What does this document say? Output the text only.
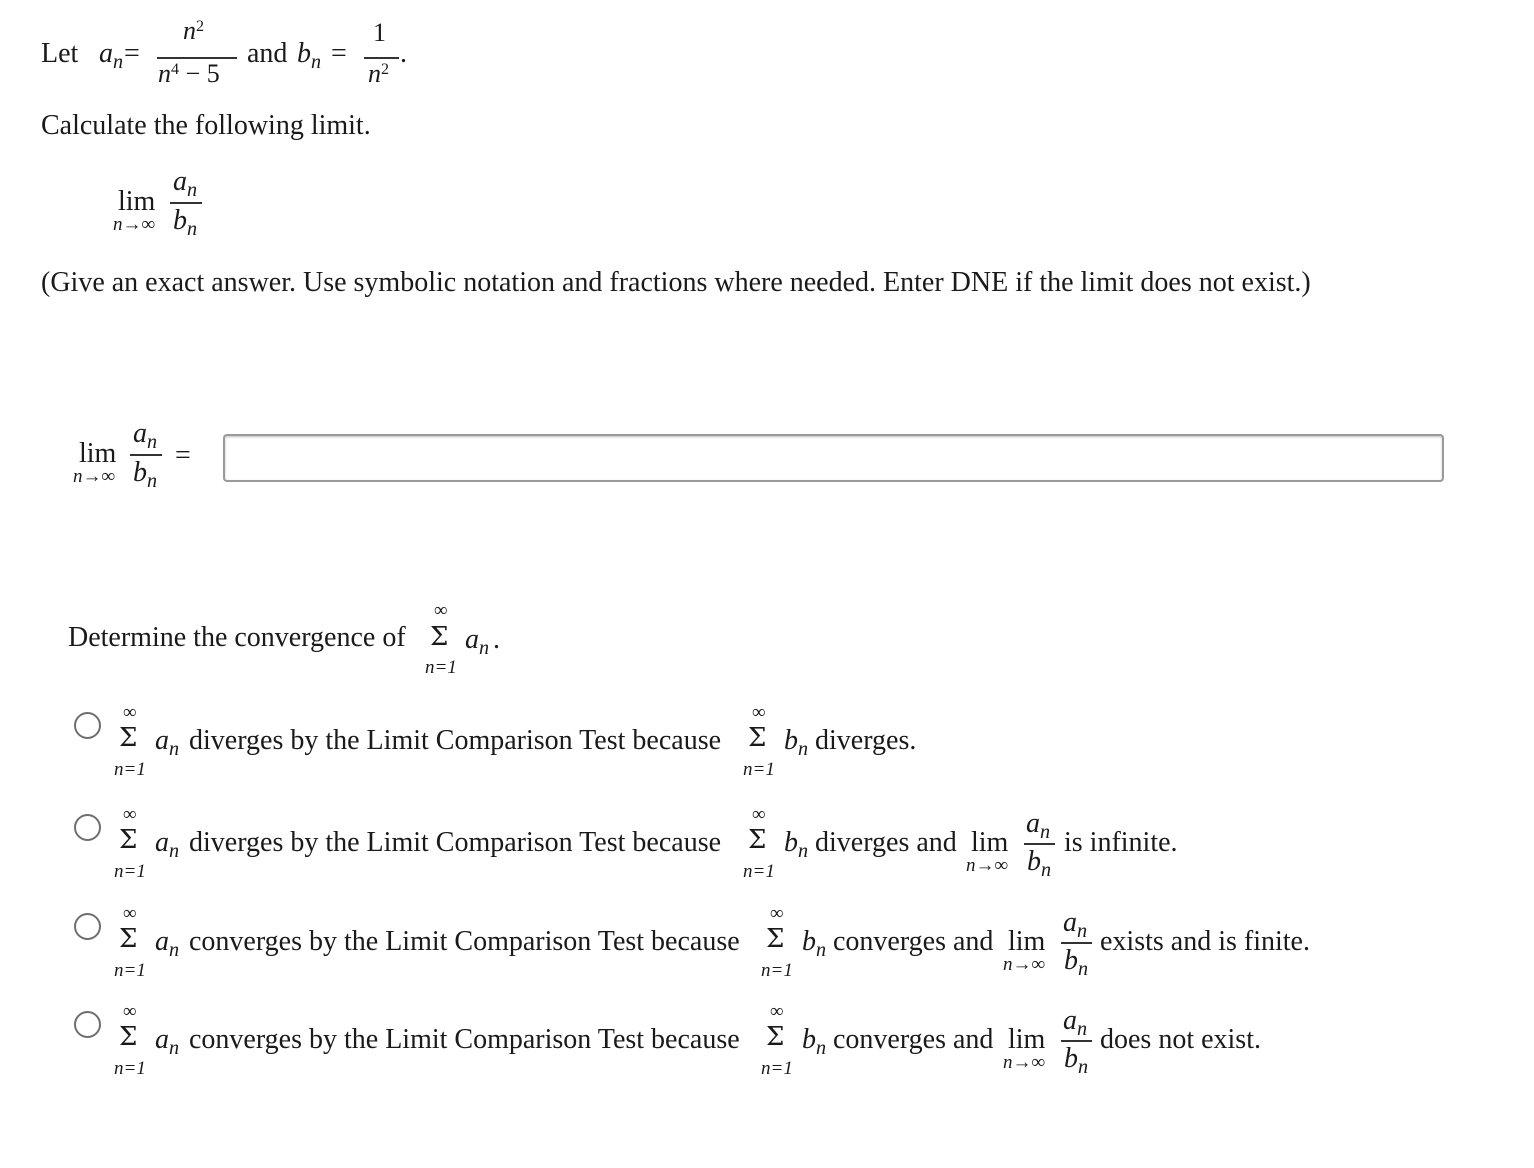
Let $a_n$ =
$n^2$
$n^4 - 5$
and $b_n$ =
1
$n^2$
.
Calculate the following limit.
lim
n→∞
$a_n$
$b_n$
(Give an exact answer. Use symbolic notation and fractions where needed. Enter DNE if the limit does not exist.)
lim
n→∞
$a_n$
$b_n$
=
Determine the convergence of
∞
Σ
n=1
$a_n$ .
∞
Σ
n=1
$a_n$ diverges by the Limit Comparison Test because
∞
Σ
n=1
$b_n$ diverges.
∞
Σ
n=1
$a_n$ diverges by the Limit Comparison Test because
∞
Σ
n=1
$b_n$ diverges and lim
n→∞
$a_n$
$b_n$
is infinite.
∞
Σ
n=1
$a_n$ converges by the Limit Comparison Test because
∞
Σ
n=1
$b_n$ converges and lim
n→∞
$a_n$
$b_n$
exists and is finite.
∞
Σ
n=1
$a_n$ converges by the Limit Comparison Test because
∞
Σ
n=1
$b_n$ converges and lim
n→∞
$a_n$
$b_n$
does not exist.
